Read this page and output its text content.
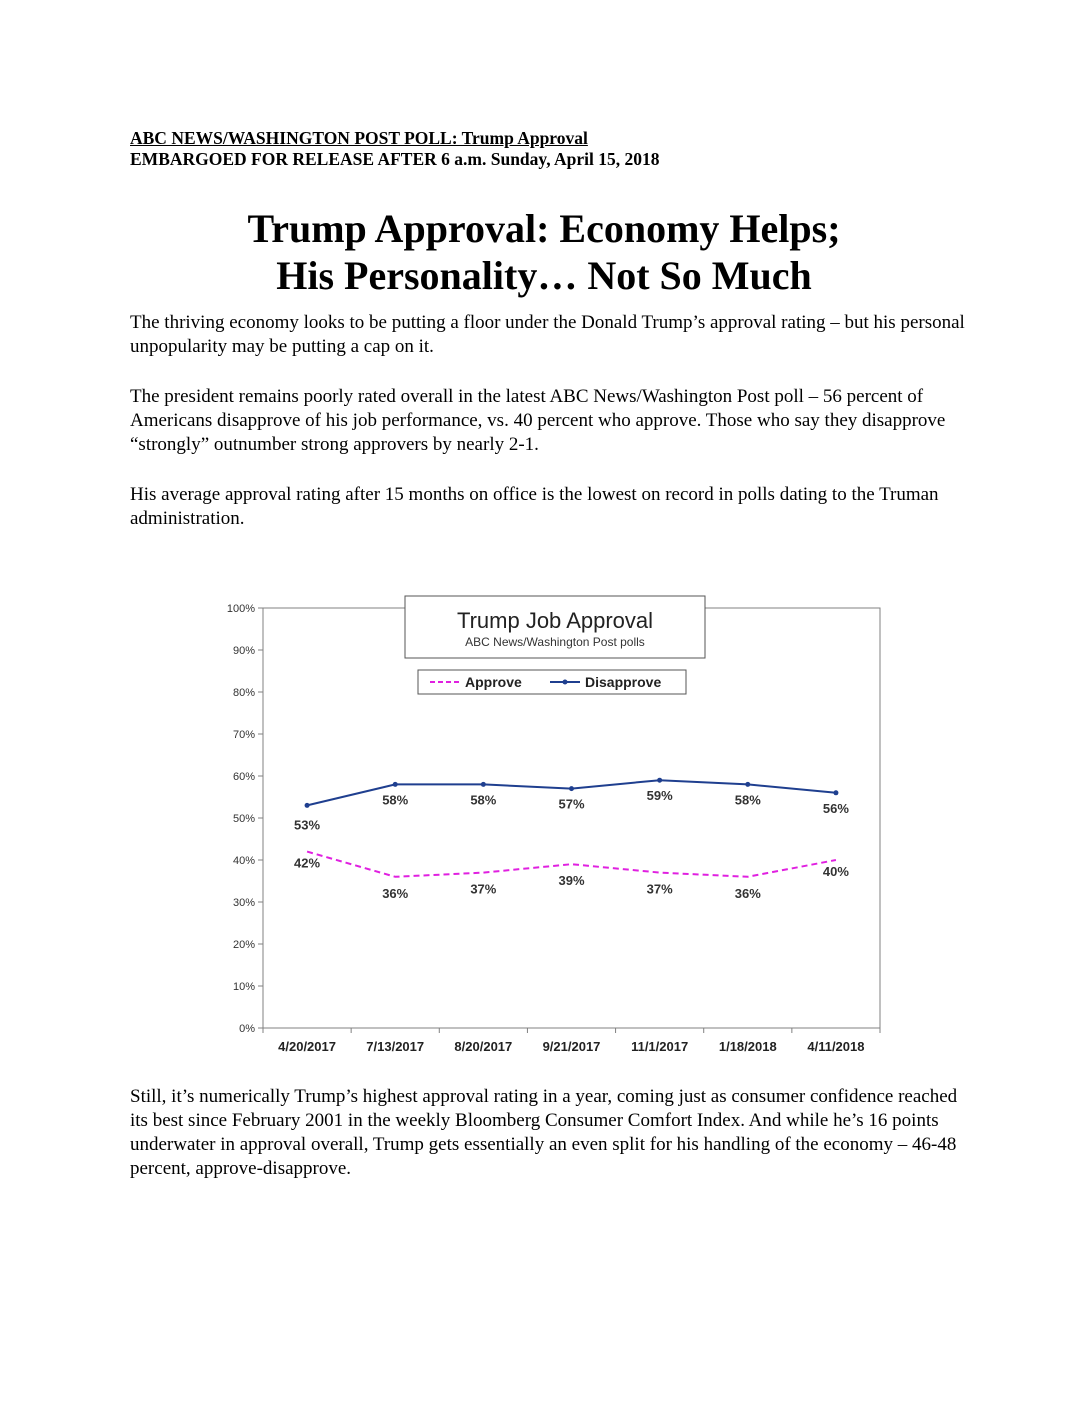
ABC NEWS/WASHINGTON POST POLL: Trump Approval
EMBARGOED FOR RELEASE AFTER 6 a.m. Sunday, April 15, 2018
Trump Approval: Economy Helps;
His Personality… Not So Much

The thriving economy looks to be putting a floor under the Donald Trump’s approval rating – but his personal unpopularity may be putting a cap on it.

The president remains poorly rated overall in the latest ABC News/Washington Post poll – 56 percent of Americans disapprove of his job performance, vs. 40 percent who approve. Those who say they disapprove “strongly” outnumber strong approvers by nearly 2-1.

His average approval rating after 15 months on office is the lowest on record in polls dating to the Truman administration.

0%
10%
20%
30%
40%
50%
60%
70%
80%
90%
100%
4/20/2017 7/13/2017 8/20/2017 9/21/2017 11/1/2017 1/18/2018 4/11/2018
Trump Job Approval
ABC News/Washington Post polls
Approve	Disapprove
42%
36%	37%
39%
37%	36%
40%
53%
58%	58%	57%
59%	58%
56%

Still, it’s numerically Trump’s highest approval rating in a year, coming just as consumer confidence reached its best since February 2001 in the weekly Bloomberg Consumer Comfort Index. And while he’s 16 points underwater in approval overall, Trump gets essentially an even split for his handling of the economy – 46-48 percent, approve-disapprove.
